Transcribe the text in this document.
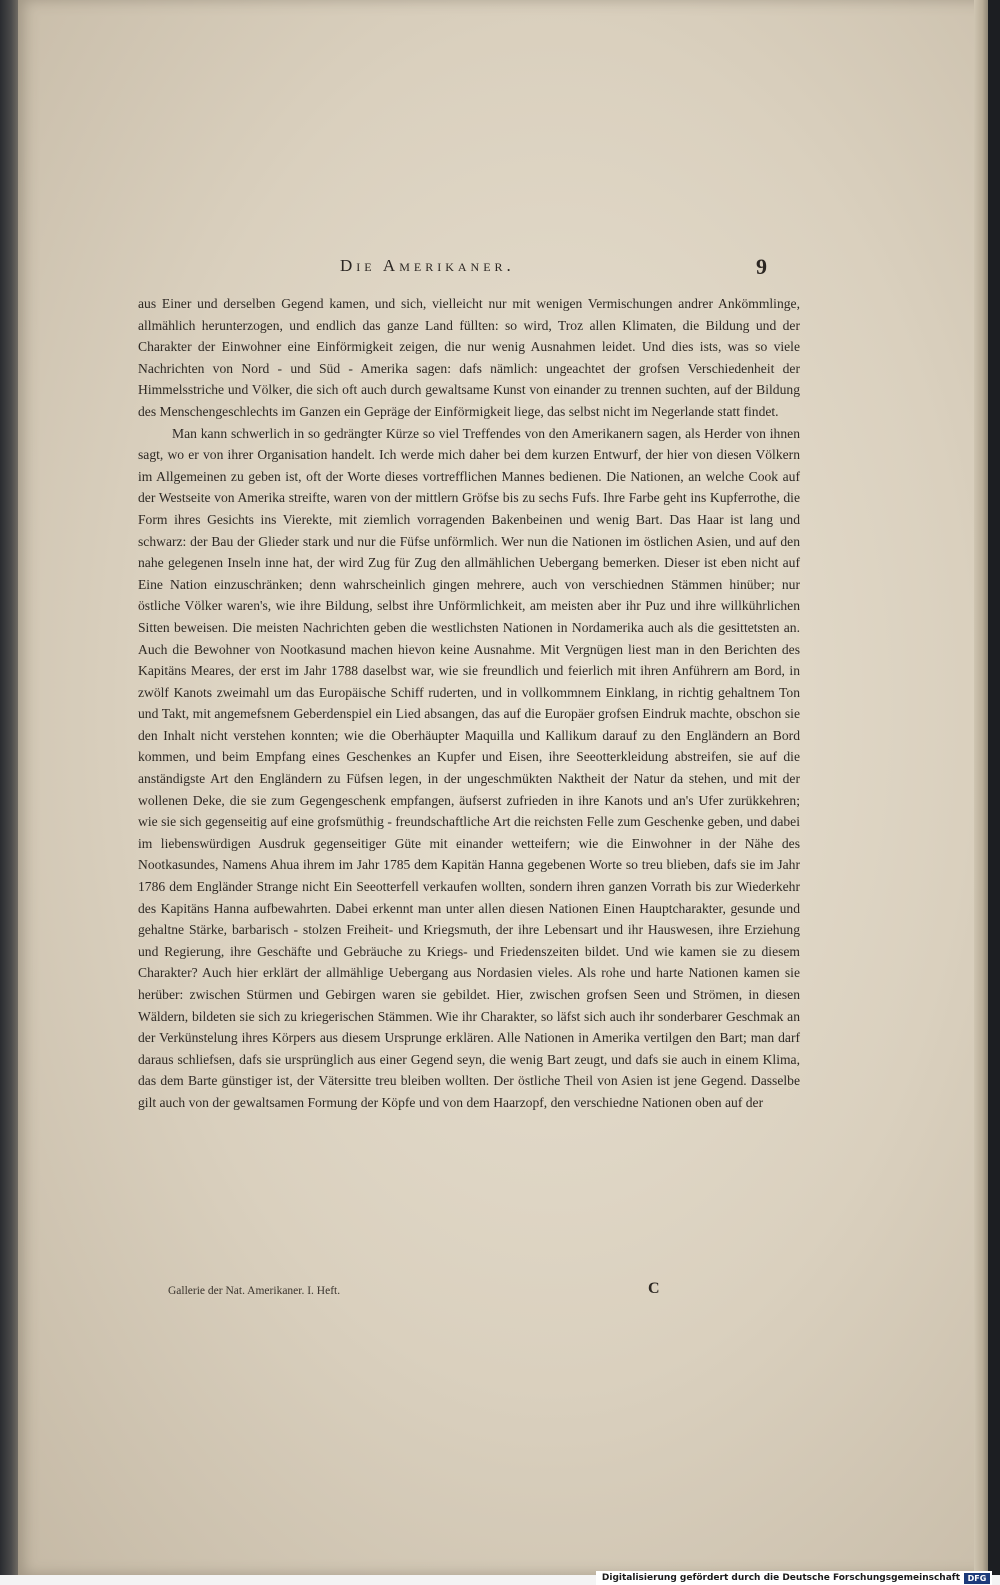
Die Amerikaner.	9

aus Einer und derselben Gegend kamen, und sich, vielleicht nur mit wenigen Vermischungen andrer Ankömmlinge, allmählich herunterzogen, und endlich das ganze Land füllten: so wird, Troz allen Klimaten, die Bildung und der Charakter der Einwohner eine Einförmigkeit zeigen, die nur wenig Ausnahmen leidet. Und dies ists, was so viele Nachrichten von Nord - und Süd - Amerika sagen: dafs nämlich: ungeachtet der grofsen Verschiedenheit der Himmelsstriche und Völker, die sich oft auch durch gewaltsame Kunst von einander zu trennen suchten, auf der Bildung des Menschengeschlechts im Ganzen ein Gepräge der Einförmigkeit liege, das selbst nicht im Negerlande statt findet.

Man kann schwerlich in so gedrängter Kürze so viel Treffendes von den Amerikanern sagen, als Herder von ihnen sagt, wo er von ihrer Organisation handelt. Ich werde mich daher bei dem kurzen Entwurf, der hier von diesen Völkern im Allgemeinen zu geben ist, oft der Worte dieses vortrefflichen Mannes bedienen. Die Nationen, an welche Cook auf der Westseite von Amerika streifte, waren von der mittlern Gröfse bis zu sechs Fufs. Ihre Farbe geht ins Kupferrothe, die Form ihres Gesichts ins Vierekte, mit ziemlich vorragenden Bakenbeinen und wenig Bart. Das Haar ist lang und schwarz: der Bau der Glieder stark und nur die Füfse unförmlich. Wer nun die Nationen im östlichen Asien, und auf den nahe gelegenen Inseln inne hat, der wird Zug für Zug den allmählichen Uebergang bemerken. Dieser ist eben nicht auf Eine Nation einzuschränken; denn wahrscheinlich gingen mehrere, auch von verschiednen Stämmen hinüber; nur östliche Völker waren's, wie ihre Bildung, selbst ihre Unförmlichkeit, am meisten aber ihr Puz und ihre willkührlichen Sitten beweisen. Die meisten Nachrichten geben die westlichsten Nationen in Nordamerika auch als die gesittetsten an. Auch die Bewohner von Nootkasund machen hievon keine Ausnahme. Mit Vergnügen liest man in den Berichten des Kapitäns Meares, der erst im Jahr 1788 daselbst war, wie sie freundlich und feierlich mit ihren Anführern am Bord, in zwölf Kanots zweimahl um das Europäische Schiff ruderten, und in vollkommnem Einklang, in richtig gehaltnem Ton und Takt, mit angemefsnem Geberdenspiel ein Lied absangen, das auf die Europäer grofsen Eindruk machte, obschon sie den Inhalt nicht verstehen konnten; wie die Oberhäupter Maquilla und Kallikum darauf zu den Engländern an Bord kommen, und beim Empfang eines Geschenkes an Kupfer und Eisen, ihre Seeotterkleidung abstreifen, sie auf die anständigste Art den Engländern zu Füfsen legen, in der ungeschmükten Naktheit der Natur da stehen, und mit der wollenen Deke, die sie zum Gegengeschenk empfangen, äufserst zufrieden in ihre Kanots und an's Ufer zurükkehren; wie sie sich gegenseitig auf eine grofsmüthig - freundschaftliche Art die reichsten Felle zum Geschenke geben, und dabei im liebenswürdigen Ausdruk gegenseitiger Güte mit einander wetteifern; wie die Einwohner in der Nähe des Nootkasundes, Namens Ahua ihrem im Jahr 1785 dem Kapitän Hanna gegebenen Worte so treu blieben, dafs sie im Jahr 1786 dem Engländer Strange nicht Ein Seeotterfell verkaufen wollten, sondern ihren ganzen Vorrath bis zur Wiederkehr des Kapitäns Hanna aufbewahrten. Dabei erkennt man unter allen diesen Nationen Einen Hauptcharakter, gesunde und gehaltne Stärke, barbarisch - stolzen Freiheit- und Kriegsmuth, der ihre Lebensart und ihr Hauswesen, ihre Erziehung und Regierung, ihre Geschäfte und Gebräuche zu Kriegs- und Friedenszeiten bildet. Und wie kamen sie zu diesem Charakter? Auch hier erklärt der allmählige Uebergang aus Nordasien vieles. Als rohe und harte Nationen kamen sie herüber: zwischen Stürmen und Gebirgen waren sie gebildet. Hier, zwischen grofsen Seen und Strömen, in diesen Wäldern, bildeten sie sich zu kriegerischen Stämmen. Wie ihr Charakter, so läfst sich auch ihr sonderbarer Geschmak an der Verkünstelung ihres Körpers aus diesem Ursprunge erklären. Alle Nationen in Amerika vertilgen den Bart; man darf daraus schliefsen, dafs sie ursprünglich aus einer Gegend seyn, die wenig Bart zeugt, und dafs sie auch in einem Klima, das dem Barte günstiger ist, der Vätersitte treu bleiben wollten. Der östliche Theil von Asien ist jene Gegend. Dasselbe gilt auch von der gewaltsamen Formung der Köpfe und von dem Haarzopf, den verschiedne Nationen oben auf der

Gallerie der Nat. Amerikaner. I. Heft.	C
Digitalisierung gefördert durch die Deutsche Forschungsgemeinschaft DFG
